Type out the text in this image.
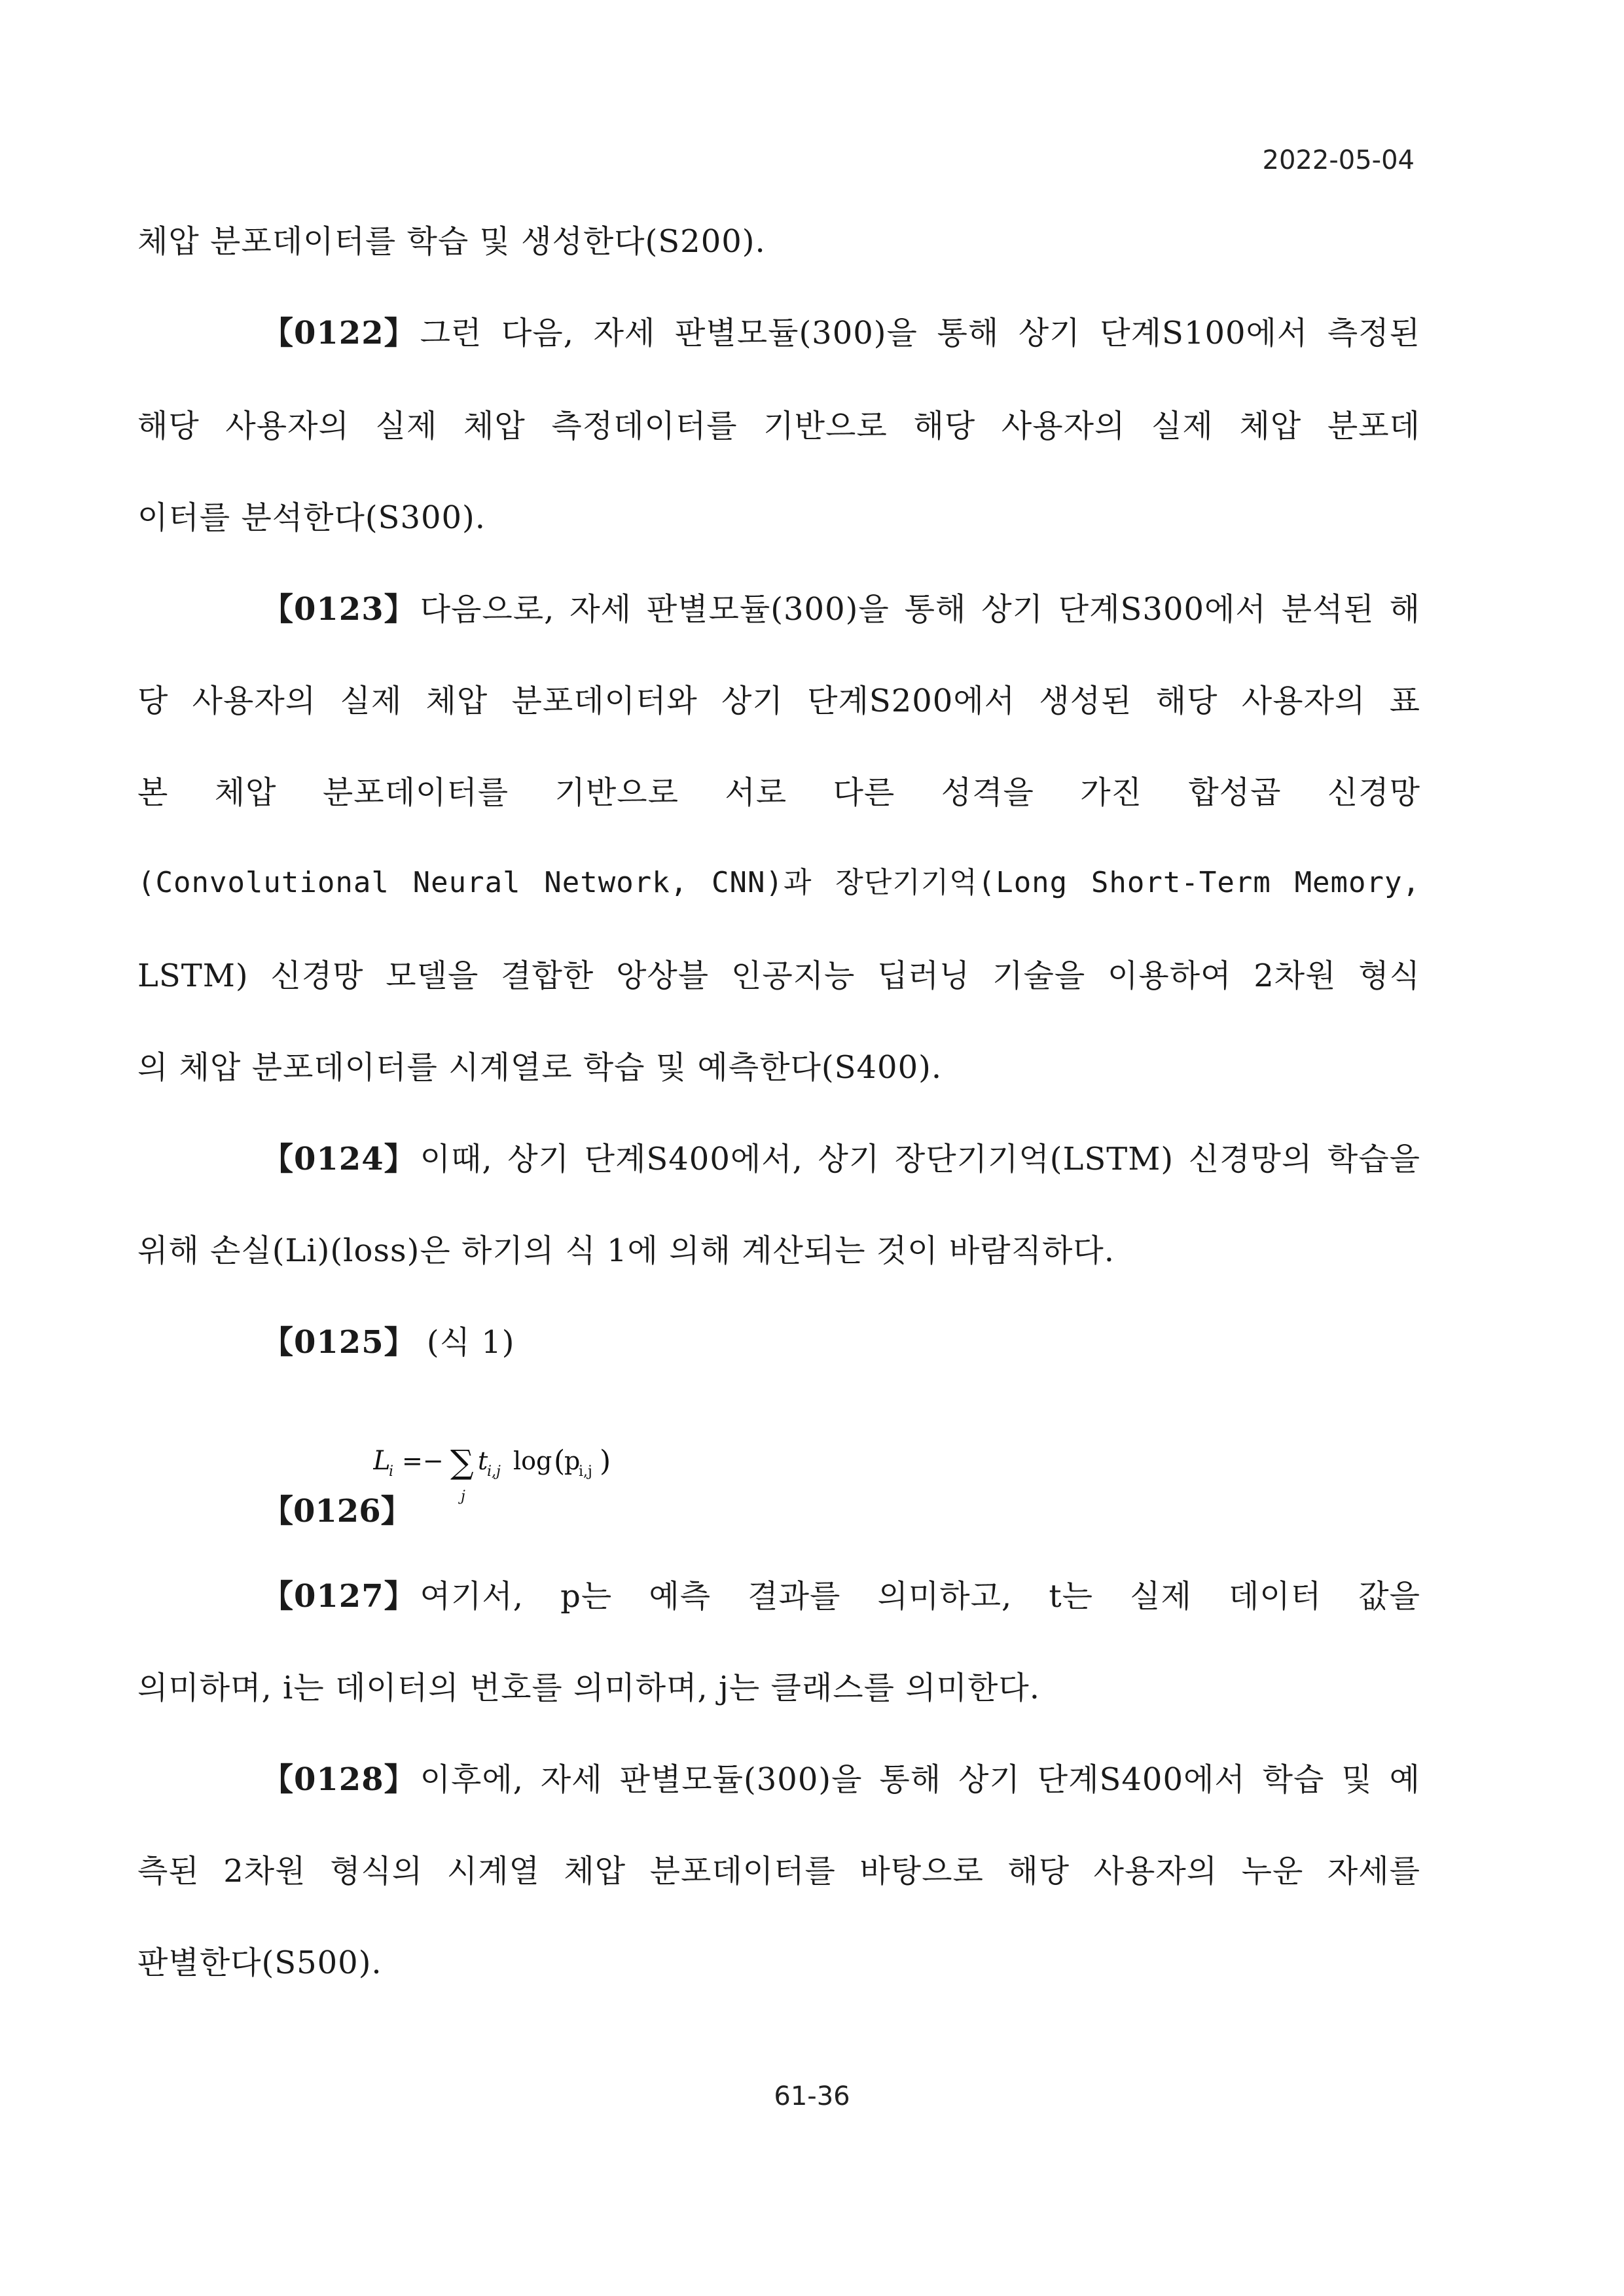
2022-05-04
체압 분포데이터를 학습 및 생성한다(S200).
【0122】 그런 다음, 자세 판별모듈(300)을 통해 상기 단계S100에서 측정된
해당 사용자의 실제 체압 측정데이터를 기반으로 해당 사용자의 실제 체압 분포데
이터를 분석한다(S300).
【0123】 다음으로, 자세 판별모듈(300)을 통해 상기 단계S300에서 분석된 해
당 사용자의 실제 체압 분포데이터와 상기 단계S200에서 생성된 해당 사용자의 표
본 체압 분포데이터를 기반으로 서로 다른 성격을 가진 합성곱 신경망
(Convolutional Neural Network, CNN)과 장단기기억(Long Short-Term Memory,
LSTM) 신경망 모델을 결합한 앙상블 인공지능 딥러닝 기술을 이용하여 2차원 형식
의 체압 분포데이터를 시계열로 학습 및 예측한다(S400).
【0124】 이때, 상기 단계S400에서, 상기 장단기기억(LSTM) 신경망의 학습을
위해 손실(Li)(loss)은 하기의 식 1에 의해 계산되는 것이 바람직하다.
【0125】 (식 1)
【0126】
L
i =− ∑
j
t
i,j log (
p
i,j )
【0127】 여기서, p는 예측 결과를 의미하고, t는 실제 데이터 값을
의미하며, i는 데이터의 번호를 의미하며, j는 클래스를 의미한다.
【0128】 이후에, 자세 판별모듈(300)을 통해 상기 단계S400에서 학습 및 예
측된 2차원 형식의 시계열 체압 분포데이터를 바탕으로 해당 사용자의 누운 자세를
판별한다(S500).
61-36
